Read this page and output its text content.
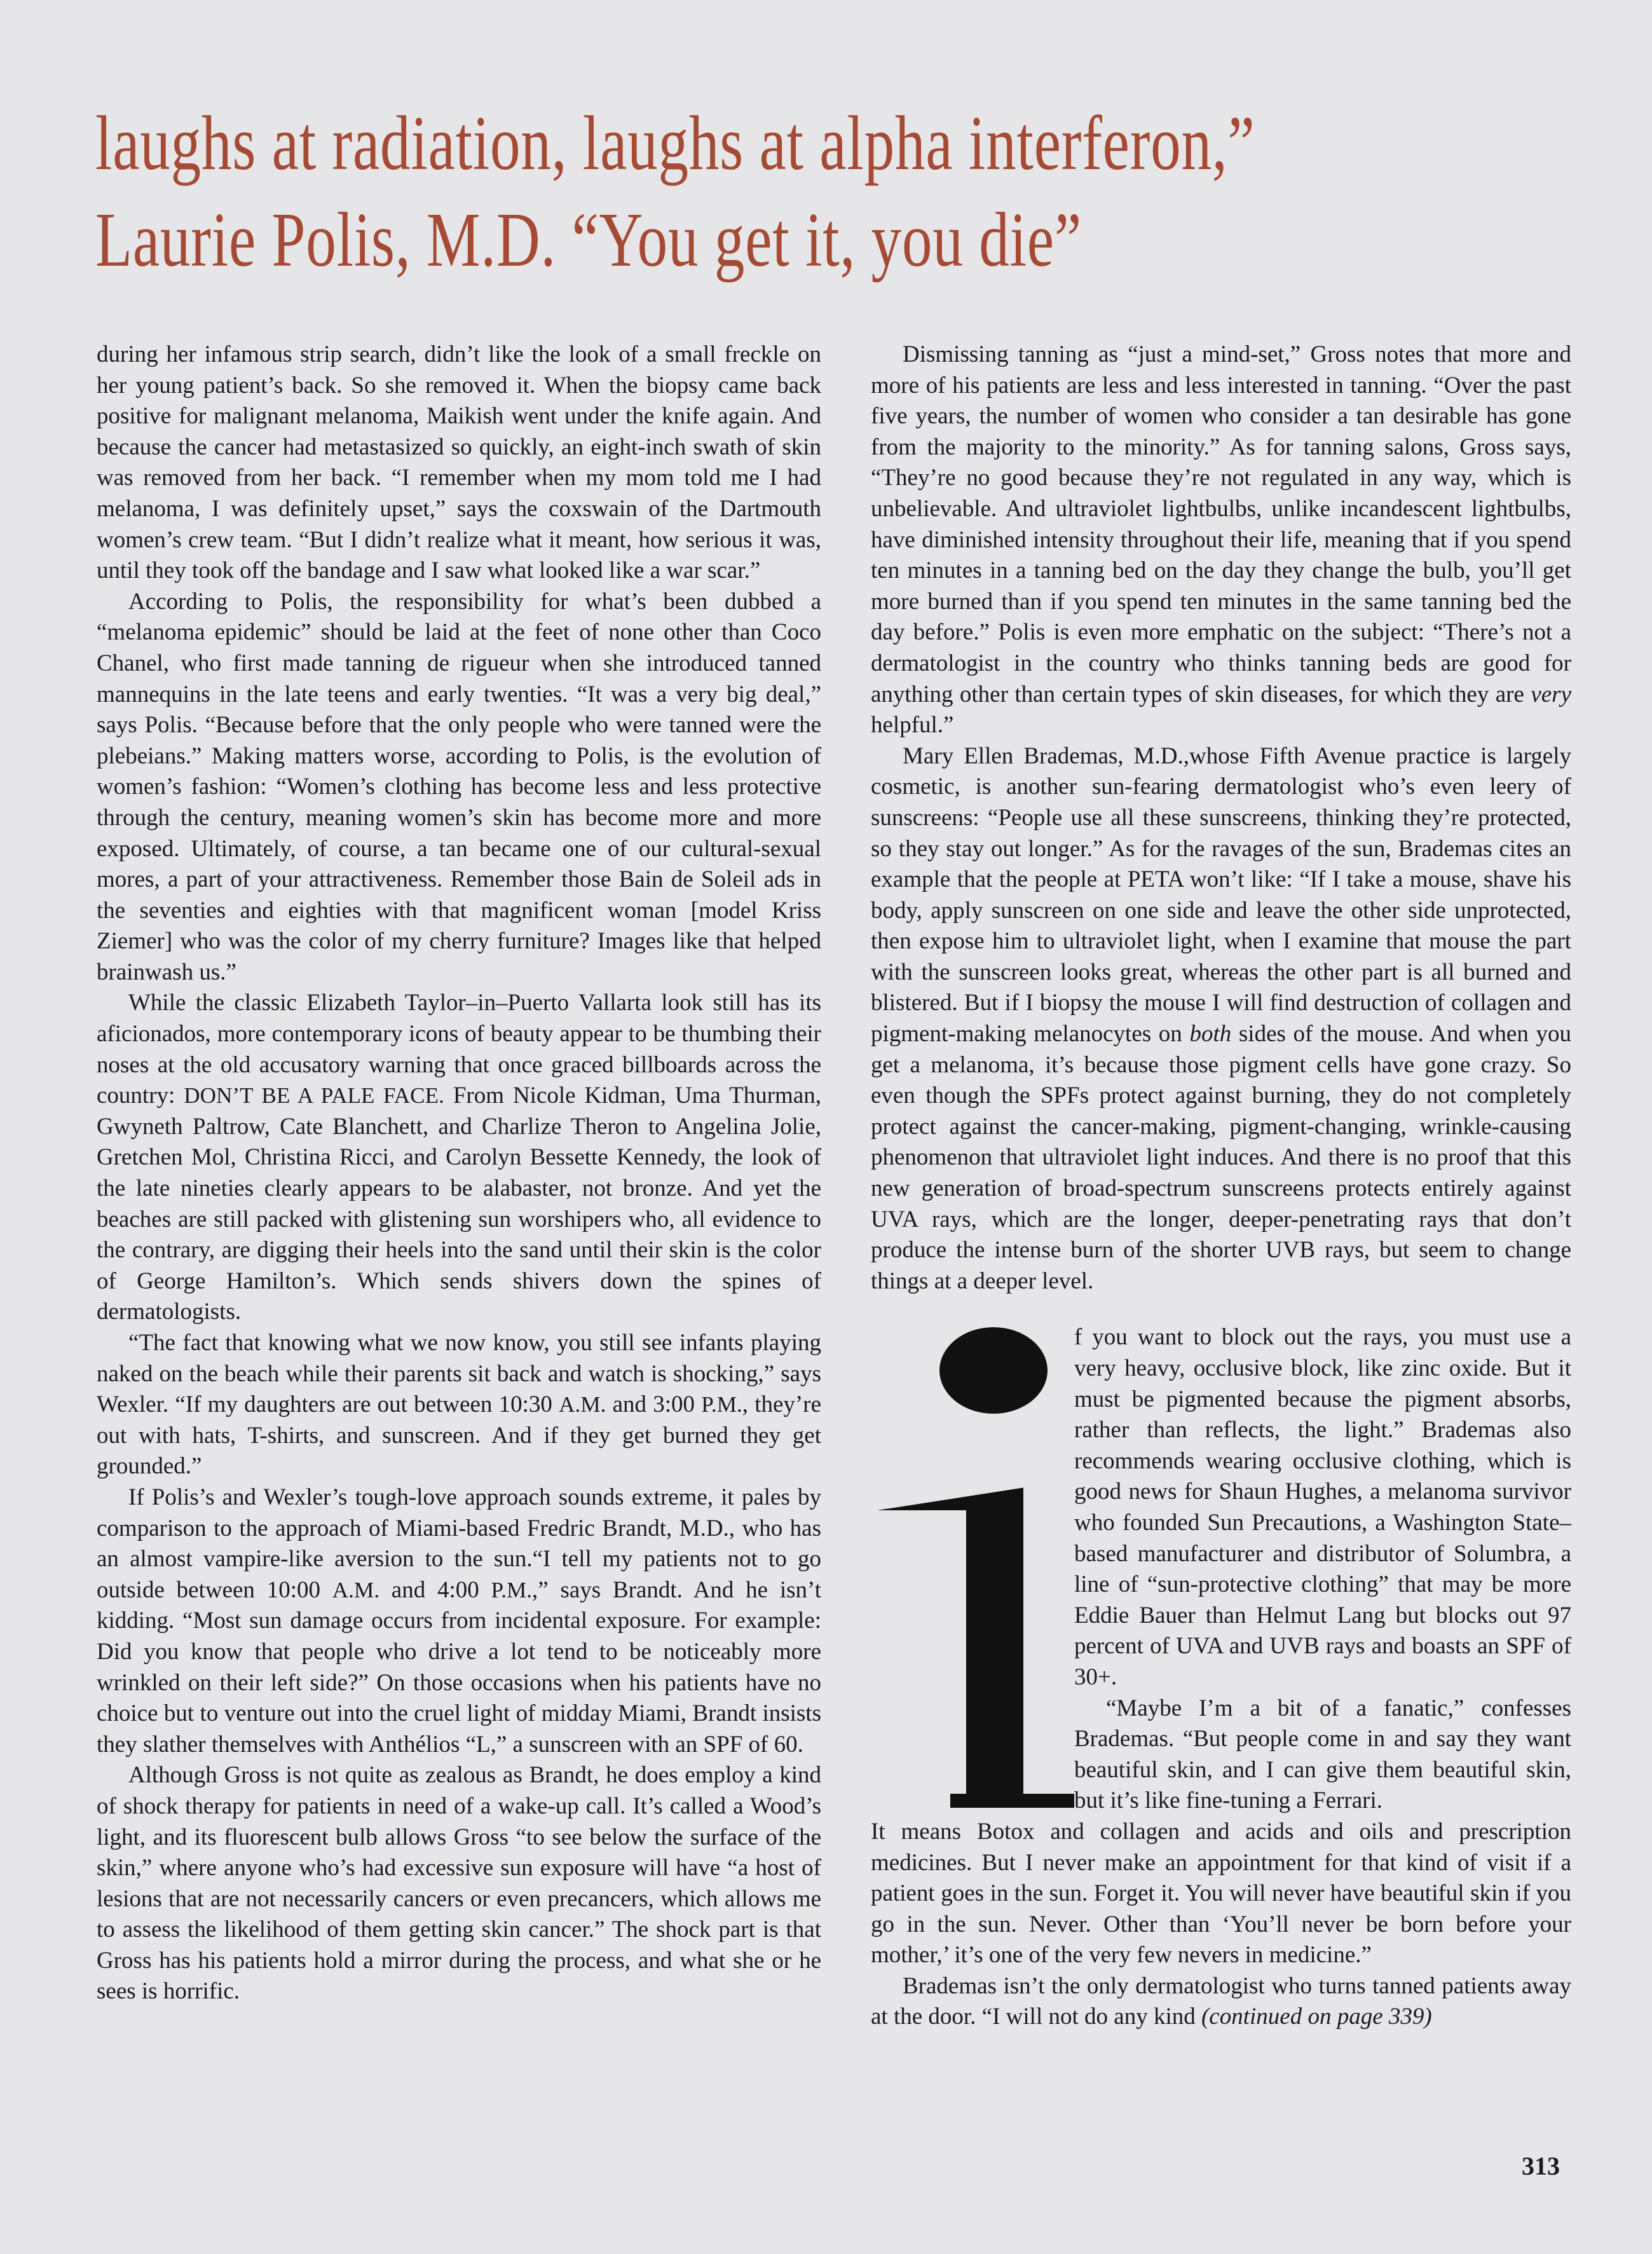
laughs at radiation, laughs at alpha interferon,”
Laurie Polis, M.D. “You get it, you die”

during her infamous strip search, didn’t like the look of a small freckle on her young patient’s back. So she removed it. When the biopsy came back positive for malignant melanoma, Maikish went under the knife again. And because the cancer had metastasized so quickly, an eight-inch swath of skin was removed from her back. “I remember when my mom told me I had melanoma, I was definitely upset,” says the coxswain of the Dartmouth women’s crew team. “But I didn’t realize what it meant, how serious it was, until they took off the bandage and I saw what looked like a war scar.”

According to Polis, the responsibility for what’s been dubbed a “melanoma epidemic” should be laid at the feet of none other than Coco Chanel, who first made tanning de rigueur when she introduced tanned mannequins in the late teens and early twenties. “It was a very big deal,” says Polis. “Because before that the only people who were tanned were the plebeians.” Making matters worse, according to Polis, is the evolution of women’s fashion: “Women’s clothing has become less and less protective through the century, meaning women’s skin has become more and more exposed. Ultimately, of course, a tan became one of our cultural-sexual mores, a part of your attractiveness. Remember those Bain de Soleil ads in the seventies and eighties with that magnificent woman [model Kriss Ziemer] who was the color of my cherry furniture? Images like that helped brainwash us.”

While the classic Elizabeth Taylor–in–Puerto Vallarta look still has its aficionados, more contemporary icons of beauty appear to be thumbing their noses at the old accusatory warning that once graced billboards across the country: DON’T BE A PALE FACE. From Nicole Kidman, Uma Thurman, Gwyneth Paltrow, Cate Blanchett, and Charlize Theron to Angelina Jolie, Gretchen Mol, Christina Ricci, and Carolyn Bessette Kennedy, the look of the late nineties clearly appears to be alabaster, not bronze. And yet the beaches are still packed with glistening sun worshipers who, all evidence to the contrary, are digging their heels into the sand until their skin is the color of George Hamilton’s. Which sends shivers down the spines of dermatologists.

“The fact that knowing what we now know, you still see infants playing naked on the beach while their parents sit back and watch is shocking,” says Wexler. “If my daughters are out between 10:30 A.M. and 3:00 P.M., they’re out with hats, T-shirts, and sunscreen. And if they get burned they get grounded.”

If Polis’s and Wexler’s tough-love approach sounds extreme, it pales by comparison to the approach of Miami-based Fredric Brandt, M.D., who has an almost vampire-like aversion to the sun.“I tell my patients not to go outside between 10:00 A.M. and 4:00 P.M.,” says Brandt. And he isn’t kidding. “Most sun damage occurs from incidental exposure. For example: Did you know that people who drive a lot tend to be noticeably more wrinkled on their left side?” On those occasions when his patients have no choice but to venture out into the cruel light of midday Miami, Brandt insists they slather themselves with Anthélios “L,” a sunscreen with an SPF of 60.

Although Gross is not quite as zealous as Brandt, he does employ a kind of shock therapy for patients in need of a wake-up call. It’s called a Wood’s light, and its fluorescent bulb allows Gross “to see below the surface of the skin,” where anyone who’s had excessive sun exposure will have “a host of lesions that are not necessarily cancers or even precancers, which allows me to assess the likelihood of them getting skin cancer.” The shock part is that Gross has his patients hold a mirror during the process, and what she or he sees is horrific.

Dismissing tanning as “just a mind-set,” Gross notes that more and more of his patients are less and less interested in tanning. “Over the past five years, the number of women who consider a tan desirable has gone from the majority to the minority.” As for tanning salons, Gross says, “They’re no good because they’re not regulated in any way, which is unbelievable. And ultraviolet lightbulbs, unlike incandescent lightbulbs, have diminished intensity throughout their life, meaning that if you spend ten minutes in a tanning bed on the day they change the bulb, you’ll get more burned than if you spend ten minutes in the same tanning bed the day before.” Polis is even more emphatic on the subject: “There’s not a dermatologist in the country who thinks tanning beds are good for anything other than certain types of skin diseases, for which they are very helpful.”

Mary Ellen Brademas, M.D.,whose Fifth Avenue practice is largely cosmetic, is another sun-fearing dermatologist who’s even leery of sunscreens: “People use all these sunscreens, thinking they’re protected, so they stay out longer.” As for the ravages of the sun, Brademas cites an example that the people at PETA won’t like: “If I take a mouse, shave his body, apply sunscreen on one side and leave the other side unprotected, then expose him to ultraviolet light, when I examine that mouse the part with the sunscreen looks great, whereas the other part is all burned and blistered. But if I biopsy the mouse I will find destruction of collagen and pigment-making melanocytes on both sides of the mouse. And when you get a melanoma, it’s because those pigment cells have gone crazy. So even though the SPFs protect against burning, they do not completely protect against the cancer-making, pigment-changing, wrinkle-causing phenomenon that ultraviolet light induces. And there is no proof that this new generation of broad-spectrum sunscreens protects entirely against UVA rays, which are the longer, deeper-penetrating rays that don’t produce the intense burn of the shorter UVB rays, but seem to change things at a deeper level.

f you want to block out the rays, you must use a very heavy, occlusive block, like zinc oxide. But it must be pigmented because the pigment absorbs, rather than reflects, the light.” Brademas also recommends wearing occlusive clothing, which is good news for Shaun Hughes, a melanoma survivor who founded Sun Precautions, a Washington State–based manufacturer and distributor of Solumbra, a line of “sun-protective clothing” that may be more Eddie Bauer than Helmut Lang but blocks out 97 percent of UVA and UVB rays and boasts an SPF of 30+.

“Maybe I’m a bit of a fanatic,” confesses Brademas. “But people come in and say they want beautiful skin, and I can give them beautiful skin, but it’s like fine-tuning a Ferrari.

It means Botox and collagen and acids and oils and prescription medicines. But I never make an appointment for that kind of visit if a patient goes in the sun. Forget it. You will never have beautiful skin if you go in the sun. Never. Other than ‘You’ll never be born before your mother,’ it’s one of the very few nevers in medicine.”

Brademas isn’t the only dermatologist who turns tanned patients away at the door. “I will not do any kind (continued on page 339)

313
